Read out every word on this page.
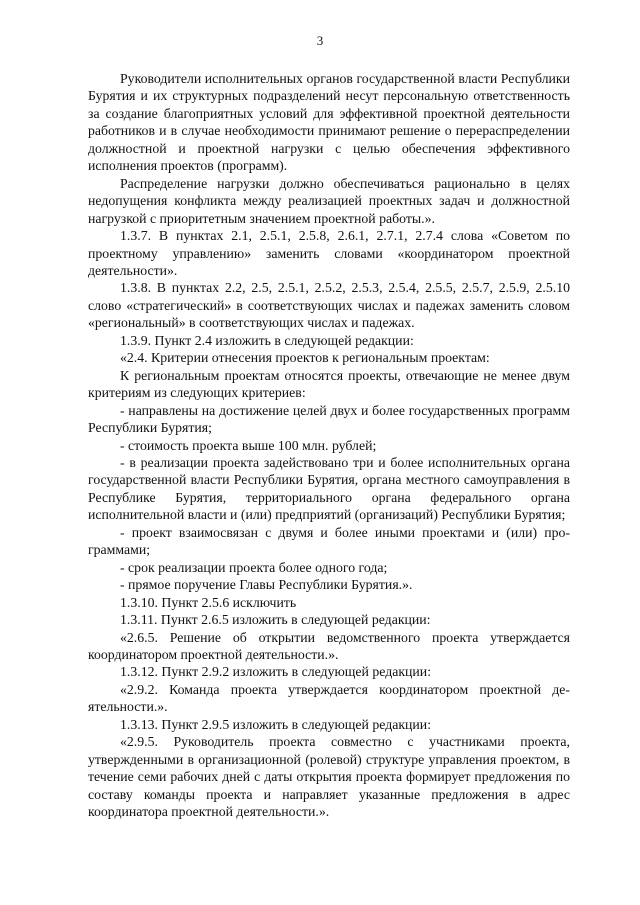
3

Руководители исполнительных органов государственной власти Республики Бурятия и их структурных подразделений несут персональную ответственность за создание благоприятных условий для эффективной проектной деятельности работников и в случае необходимости принимают решение о перераспределении должностной и проектной нагрузки с целью обеспечения эффективного исполнения проектов (программ).

Распределение нагрузки должно обеспечиваться рационально в целях недопущения конфликта между реализацией проектных задач и должностной нагрузкой с приоритетным значением проектной работы.».

1.3.7. В пунктах 2.1, 2.5.1, 2.5.8, 2.6.1, 2.7.1, 2.7.4 слова «Советом по проектному управлению» заменить словами «координатором проектной деятельности».

1.3.8. В пунктах 2.2, 2.5, 2.5.1, 2.5.2, 2.5.3, 2.5.4, 2.5.5, 2.5.7, 2.5.9, 2.5.10 слово «стратегический» в соответствующих числах и падежах заменить словом «региональный» в соответствующих числах и падежах.

1.3.9. Пункт 2.4 изложить в следующей редакции:

«2.4. Критерии отнесения проектов к региональным проектам:

К региональным проектам относятся проекты, отвечающие не менее двум критериям из следующих критериев:

- направлены на достижение целей двух и более государственных программ Республики Бурятия;

- стоимость проекта выше 100 млн. рублей;

- в реализации проекта задействовано три и более исполнительных органа государственной власти Республики Бурятия, органа местного самоуправления в Республике Бурятия, территориального органа федерального органа исполнительной власти и (или) предприятий (организаций) Республики Бурятия;

- проект взаимосвязан с двумя и более иными проектами и (или) программами;

- срок реализации проекта более одного года;

- прямое поручение Главы Республики Бурятия.».

1.3.10. Пункт 2.5.6 исключить

1.3.11. Пункт 2.6.5 изложить в следующей редакции:

«2.6.5. Решение об открытии ведомственного проекта утверждается координатором проектной деятельности.».

1.3.12. Пункт 2.9.2 изложить в следующей редакции:

«2.9.2. Команда проекта утверждается координатором проектной деятельности.».

1.3.13. Пункт 2.9.5 изложить в следующей редакции:

«2.9.5. Руководитель проекта совместно с участниками проекта, утвержденными в организационной (ролевой) структуре управления проектом, в течение семи рабочих дней с даты открытия проекта формирует предложения по составу команды проекта и направляет указанные предложения в адрес координатора проектной деятельности.».
